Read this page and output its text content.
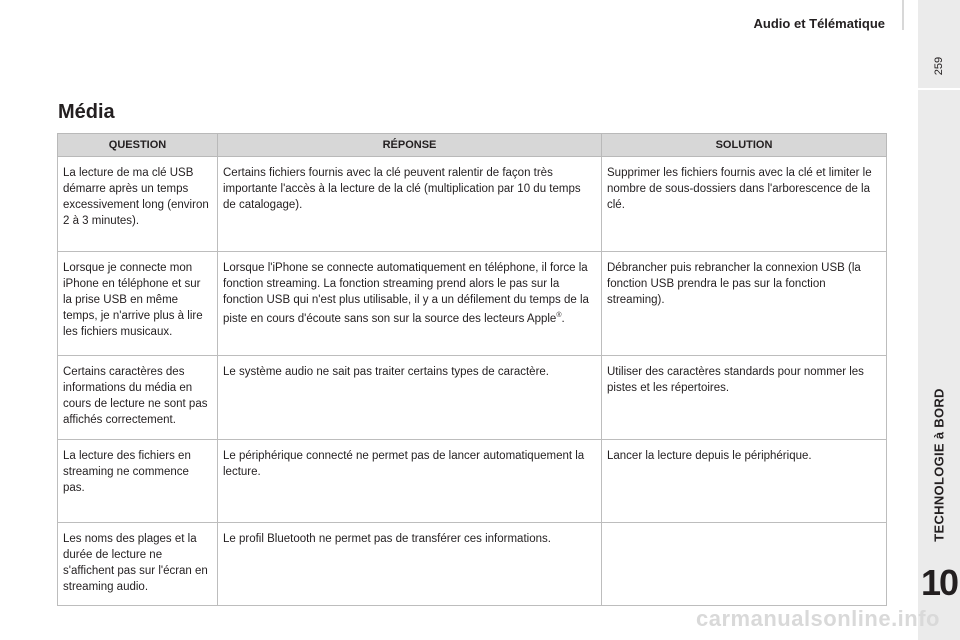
Audio et Télématique
259
TECHNOLOGIE à BORD
10
Média
QUESTION	RÉPONSE	SOLUTION
La lecture de ma clé USB démarre après un temps excessivement long (environ 2 à 3 minutes).	Certains fichiers fournis avec la clé peuvent ralentir de façon très importante l'accès à la lecture de la clé (multiplication par 10 du temps de catalogage).	Supprimer les fichiers fournis avec la clé et limiter le nombre de sous-dossiers dans l'arborescence de la clé.
Lorsque je connecte mon iPhone en téléphone et sur la prise USB en même temps, je n'arrive plus à lire les fichiers musicaux.	Lorsque l'iPhone se connecte automatiquement en téléphone, il force la fonction streaming. La fonction streaming prend alors le pas sur la fonction USB qui n'est plus utilisable, il y a un défilement du temps de la piste en cours d'écoute sans son sur la source des lecteurs Apple®.	Débrancher puis rebrancher la connexion USB (la fonction USB prendra le pas sur la fonction streaming).
Certains caractères des informations du média en cours de lecture ne sont pas affichés correctement.	Le système audio ne sait pas traiter certains types de caractère.	Utiliser des caractères standards pour nommer les pistes et les répertoires.
La lecture des fichiers en streaming ne commence pas.	Le périphérique connecté ne permet pas de lancer automatiquement la lecture.	Lancer la lecture depuis le périphérique.
Les noms des plages et la durée de lecture ne s'affichent pas sur l'écran en streaming audio.	Le profil Bluetooth ne permet pas de transférer ces informations.	
carmanualsonline.info
